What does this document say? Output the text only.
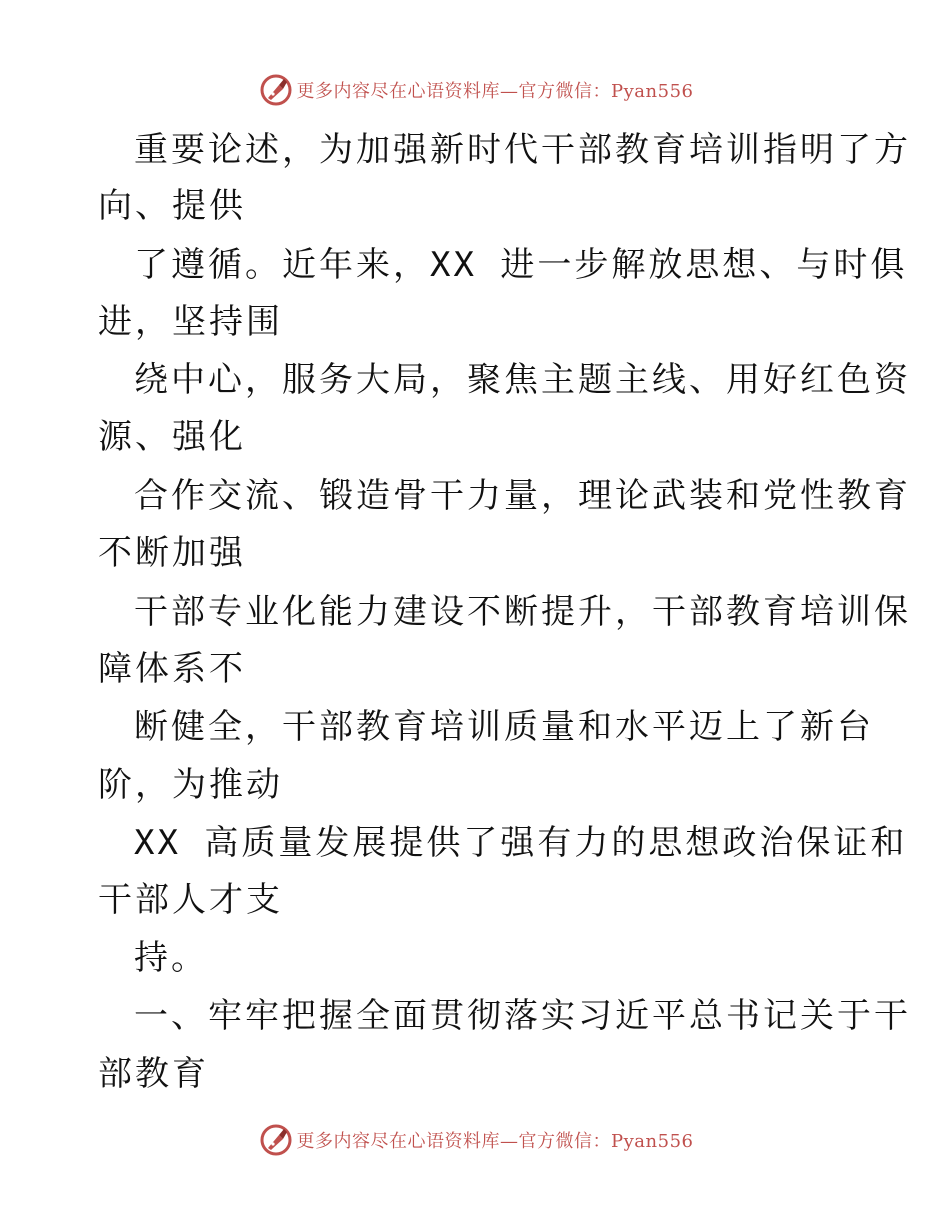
更多内容尽在心语资料库—官方微信：Pyan556
重要论述，为加强新时代干部教育培训指明了方
向、提供
了遵循。近年来，XX 进一步解放思想、与时俱
进，坚持围
绕中心，服务大局，聚焦主题主线、用好红色资
源、强化
合作交流、锻造骨干力量，理论武装和党性教育
不断加强
干部专业化能力建设不断提升，干部教育培训保
障体系不
断健全，干部教育培训质量和水平迈上了新台
阶，为推动
XX 高质量发展提供了强有力的思想政治保证和
干部人才支
持。
一、牢牢把握全面贯彻落实习近平总书记关于干
部教育
更多内容尽在心语资料库—官方微信：Pyan556
